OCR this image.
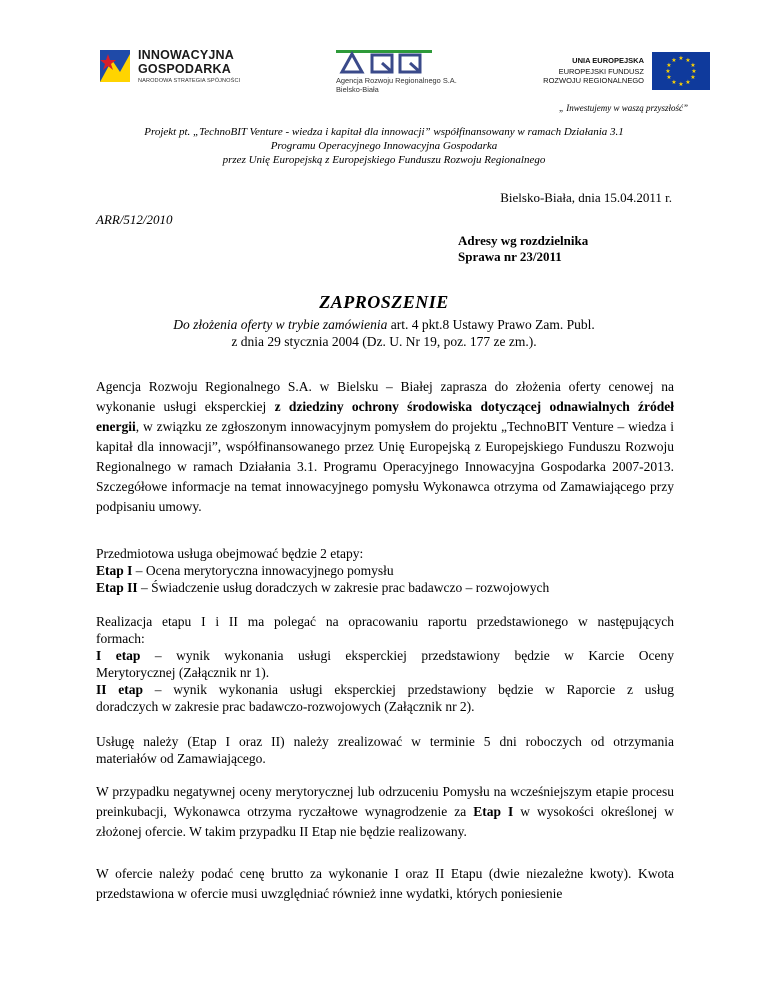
INNOWACYJNA
GOSPODARKA
NARODOWA STRATEGIA SPÓJNOŚCI	Agencja Rozwoju Regionalnego S.A.
Bielsko-Biała
UNIA EUROPEJSKA
EUROPEJSKI FUNDUSZ
ROZWOJU REGIONALNEGO
★ ★
★
★
★
★
★
★
★
★
★
★
„ Inwestujemy w waszą przyszłość”
Projekt pt. „TechnoBIT Venture - wiedza i kapitał dla innowacji” współfinansowany w ramach Działania 3.1
Programu Operacyjnego Innowacyjna Gospodarka
przez Unię Europejską z Europejskiego Funduszu Rozwoju Regionalnego
Bielsko-Biała, dnia 15.04.2011 r.
ARR/512/2010
Adresy wg rozdzielnika
Sprawa nr 23/2011
ZAPROSZENIE
Do złożenia oferty w trybie zamówienia art. 4 pkt.8 Ustawy Prawo Zam. Publ.
z dnia 29 stycznia 2004 (Dz. U. Nr 19, poz. 177 ze zm.).
Agencja Rozwoju Regionalnego S.A. w Bielsku – Białej zaprasza do złożenia oferty cenowej na wykonanie usługi eksperckiej z dziedziny ochrony środowiska dotyczącej odnawialnych źródeł energii, w związku ze zgłoszonym innowacyjnym pomysłem do projektu „TechnoBIT Venture – wiedza i kapitał dla innowacji”, współfinansowanego przez Unię Europejską z Europejskiego Funduszu Rozwoju Regionalnego w ramach Działania 3.1. Programu Operacyjnego Innowacyjna Gospodarka 2007-2013. Szczegółowe informacje na temat innowacyjnego pomysłu Wykonawca otrzyma od Zamawiającego przy podpisaniu umowy.
Przedmiotowa usługa obejmować będzie 2 etapy:
Etap I – Ocena merytoryczna innowacyjnego pomysłu
Etap II – Świadczenie usług doradczych w zakresie prac badawczo – rozwojowych
Realizacja etapu I i II ma polegać na opracowaniu raportu przedstawionego w następujących
formach:
I etap – wynik wykonania usługi eksperckiej przedstawiony będzie w Karcie Oceny
Merytorycznej (Załącznik nr 1).
II etap – wynik wykonania usługi eksperckiej przedstawiony będzie w Raporcie z usług
doradczych w zakresie prac badawczo-rozwojowych (Załącznik nr 2).
Usługę należy (Etap I oraz II) należy zrealizować w terminie 5 dni roboczych od otrzymania
materiałów od Zamawiającego.
W przypadku negatywnej oceny merytorycznej lub odrzuceniu Pomysłu na wcześniejszym etapie procesu preinkubacji, Wykonawca otrzyma ryczałtowe wynagrodzenie za Etap I w wysokości określonej w złożonej ofercie. W takim przypadku II Etap nie będzie realizowany.
W ofercie należy podać cenę brutto za wykonanie I oraz II Etapu (dwie niezależne kwoty). Kwota przedstawiona w ofercie musi uwzględniać również inne wydatki, których poniesienie
